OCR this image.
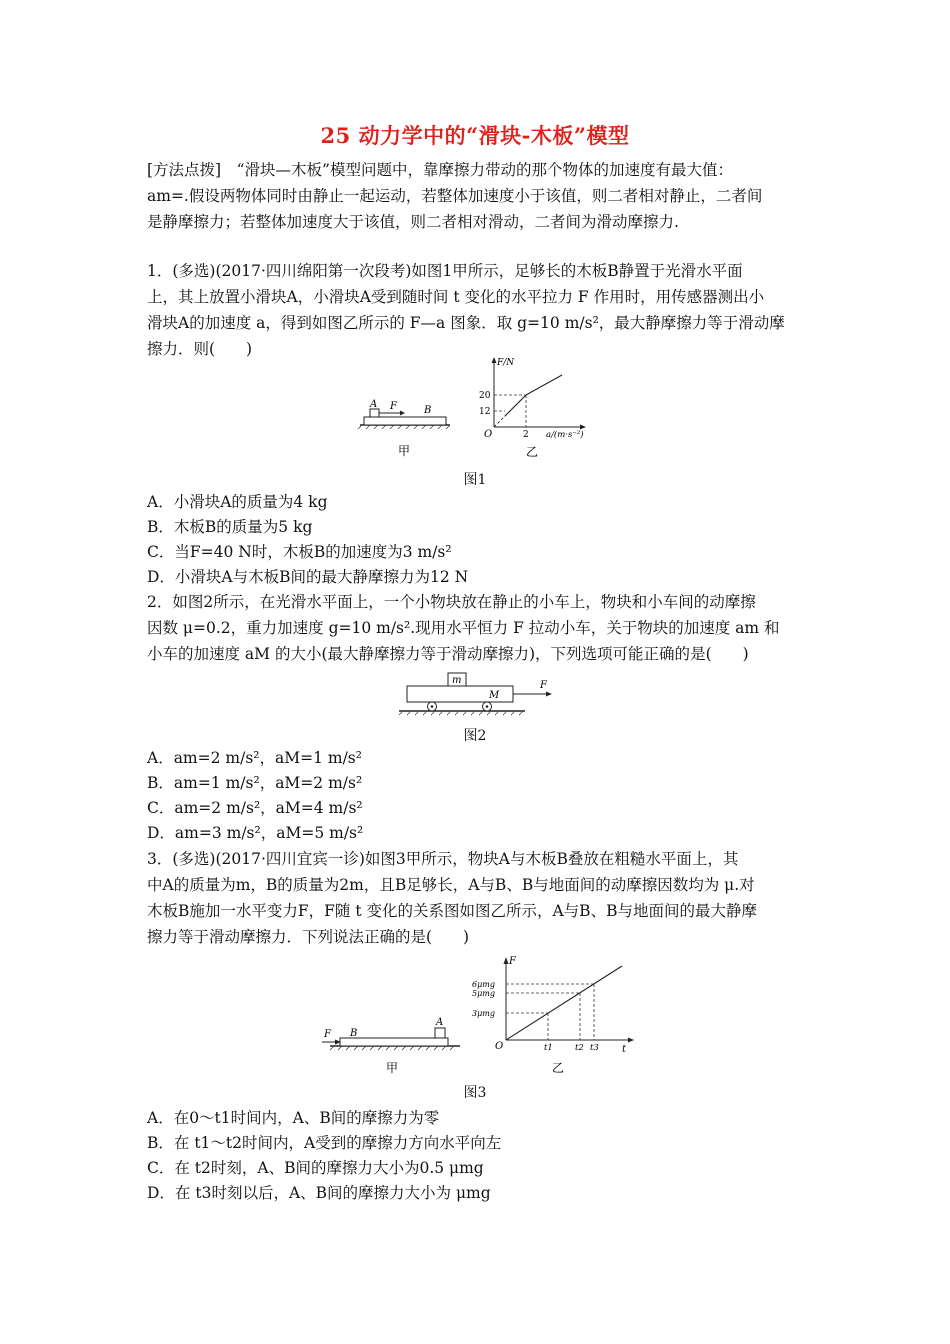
25 动力学中的“滑块-木板”模型
[方法点拨]　“滑块—木板”模型问题中，靠摩擦力带动的那个物体的加速度有最大值：
am=.假设两物体同时由静止一起运动，若整体加速度小于该值，则二者相对静止，二者间
是静摩擦力；若整体加速度大于该值，则二者相对滑动，二者间为滑动摩擦力.
1．(多选)(2017·四川绵阳第一次段考)如图1甲所示，足够长的木板B静置于光滑水平面
上，其上放置小滑块A，小滑块A受到随时间 t 变化的水平拉力 F 作用时，用传感器测出小
滑块A的加速度 a，得到如图乙所示的 F—a 图象．取 g=10 m/s²，最大静摩擦力等于滑动摩
擦力．则(　　)
A F	B
甲
F/N
20
12
O	2 a/(m·s⁻²)
乙
图1
A．小滑块A的质量为4 kg
B．木板B的质量为5 kg
C．当F=40 N时，木板B的加速度为3 m/s²
D．小滑块A与木板B间的最大静摩擦力为12 N
2．如图2所示，在光滑水平面上，一个小物块放在静止的小车上，物块和小车间的动摩擦
因数 μ=0.2，重力加速度 g=10 m/s².现用水平恒力 F 拉动小车，关于物块的加速度 am 和
小车的加速度 aM 的大小(最大静摩擦力等于滑动摩擦力)，下列选项可能正确的是(　　)
m
M
F
图2
A．am=2 m/s²，aM=1 m/s²
B．am=1 m/s²，aM=2 m/s²
C．am=2 m/s²，aM=4 m/s²
D．am=3 m/s²，aM=5 m/s²
3．(多选)(2017·四川宜宾一诊)如图3甲所示，物块A与木板B叠放在粗糙水平面上，其
中A的质量为m，B的质量为2m，且B足够长，A与B、B与地面间的动摩擦因数均为 μ.对
木板B施加一水平变力F，F随 t 变化的关系图如图乙所示，A与B、B与地面间的最大静摩
擦力等于滑动摩擦力．下列说法正确的是(　　)
F B
A
甲
F
6μmg
5μmg
3μmg
O	t1	t2 t3 t
乙
图3
A．在0～t1时间内，A、B间的摩擦力为零
B．在 t1～t2时间内，A受到的摩擦力方向水平向左
C．在 t2时刻，A、B间的摩擦力大小为0.5 μmg
D．在 t3时刻以后，A、B间的摩擦力大小为 μmg
